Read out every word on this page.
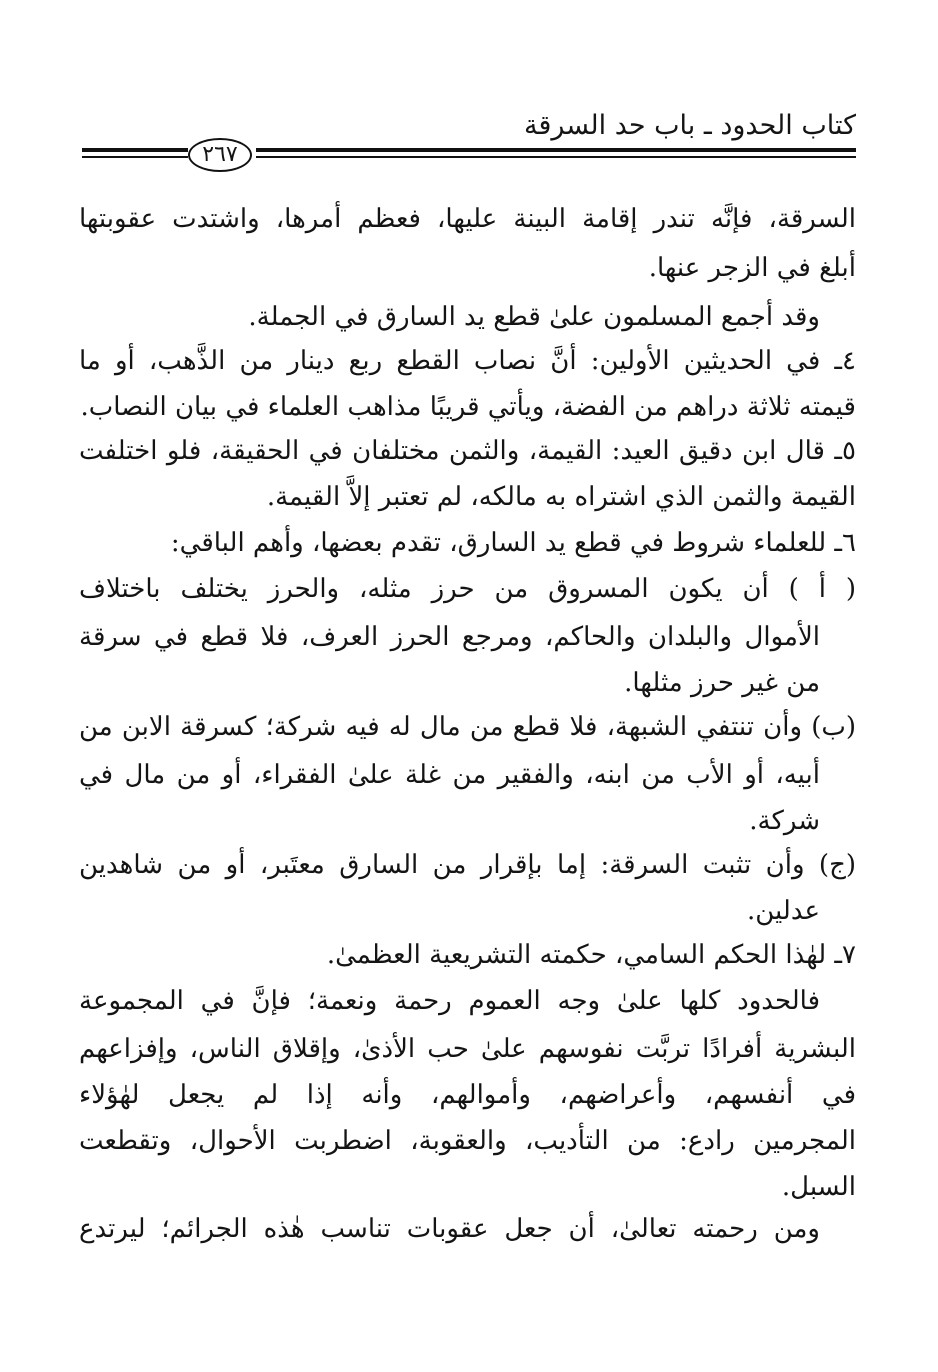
كتاب الحدود ـ باب حد السرقة
٢٦٧
السرقة، فإنَّه تندر إقامة البينة عليها، فعظم أمرها، واشتدت عقوبتها
أبلغ في الزجر عنها.
وقد أجمع المسلمون علىٰ قطع يد السارق في الجملة.
٤ـ في الحديثين الأولين: أنَّ نصاب القطع ربع دينار من الذَّهب، أو ما
قيمته ثلاثة دراهم من الفضة، ويأتي قريبًا مذاهب العلماء في بيان النصاب.
٥ـ قال ابن دقيق العيد: القيمة، والثمن مختلفان في الحقيقة، فلو اختلفت
القيمة والثمن الذي اشتراه به مالكه، لم تعتبر إلاَّ القيمة.
٦ـ للعلماء شروط في قطع يد السارق، تقدم بعضها، وأهم الباقي:
( أ ) أن يكون المسروق من حرز مثله، والحرز يختلف باختلاف
الأموال والبلدان والحاكم، ومرجع الحرز العرف، فلا قطع في سرقة
من غير حرز مثلها.
(ب) وأن تنتفي الشبهة، فلا قطع من مال له فيه شركة؛ كسرقة الابن من
أبيه، أو الأب من ابنه، والفقير من غلة علىٰ الفقراء، أو من مال في
شركة.
(ج) وأن تثبت السرقة: إما بإقرار من السارق معتَبر، أو من شاهدين
عدلين.
٧ـ لهٰذا الحكم السامي، حكمته التشريعية العظمىٰ.
فالحدود كلها علىٰ وجه العموم رحمة ونعمة؛ فإنَّ في المجموعة
البشرية أفرادًا تربَّت نفوسهم علىٰ حب الأذىٰ، وإقلاق الناس، وإفزاعهم
في أنفسهم، وأعراضهم، وأموالهم، وأنه إذا لم يجعل لهٰؤلاء
المجرمين رادع: من التأديب، والعقوبة، اضطربت الأحوال، وتقطعت
السبل.
ومن رحمته تعالىٰ، أن جعل عقوبات تناسب هٰذه الجرائم؛ ليرتدع
